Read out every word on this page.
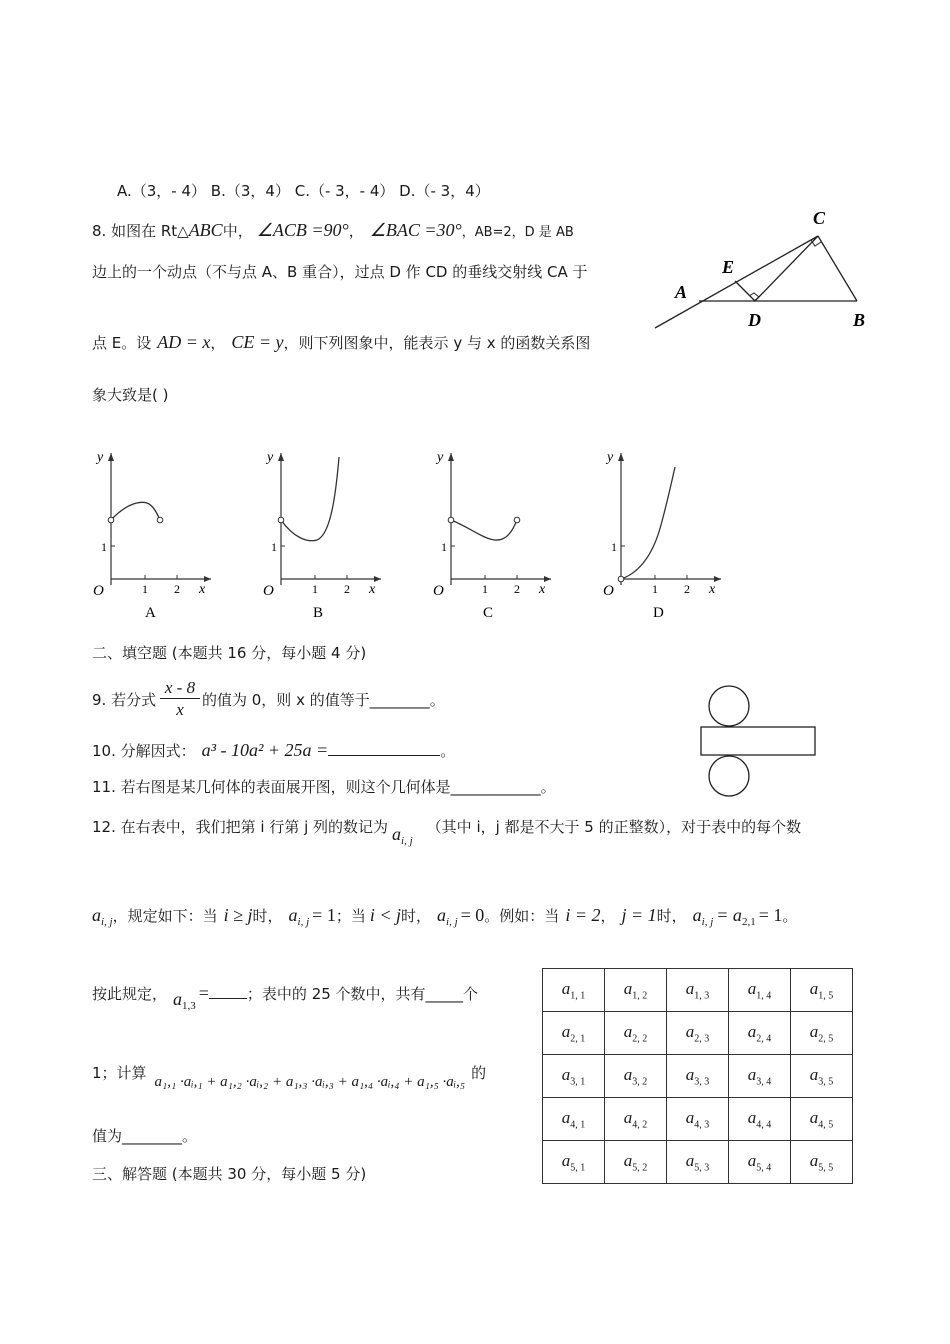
A.（3，- 4） B.（3，4） C.（- 3，- 4） D.（- 3，4）
8. 如图在 Rt△ABC中， ∠ACB =90°， ∠BAC =30°，AB=2，D 是 AB
边上的一个动点（不与点 A、B 重合），过点 D 作 CD 的垂线交射线 CA 于
点 E。设 AD = x， CE = y，则下列图象中，能表示 y 与 x 的函数关系图
象大致是( )
C
E
A
D	B
y
x
O
1
1 2
A
y
x
O
1
1 2
B
y
x
O
1
1 2
C
y
x
O
1
1 2
D
二、填空题 (本题共 16 分，每小题 4 分)
9. 若分式 $\frac{x - 8}{x}$ 的值为 0，则 x 的值等于________。
10. 分解因式： a³ - 10a² + 25a =	。
11. 若右图是某几何体的表面展开图，则这个几何体是____________。
12. 在右表中，我们把第 i 行第 j 列的数记为 $a_{i, j}$（其中 i，j 都是不大于 5 的正整数），对于表中的每个数
$a_{i, j}$，规定如下：当 i ≥ j时， $a_{i, j} = 1$；当 i < j时， $a_{i, j} = 0$。例如：当 i = 2， j = 1时， $a_{i, j} = a_{2,1} = 1$。
按此规定， $a_{1,3}=$	；表中的 25 个数中，共有_____个
1；计算 a₁,₁ ·aᵢ,₁ + a₁,₂ ·aᵢ,₂ + a₁,₃ ·aᵢ,₃ + a₁,₄ ·aᵢ,₄ + a₁,₅ ·aᵢ,₅ 的
值为________。
$a_{1, 1}$	$a_{1, 2}$	$a_{1, 3}$	$a_{1, 4}$	$a_{1, 5}$
$a_{2, 1}$	$a_{2, 2}$	$a_{2, 3}$	$a_{2, 4}$	$a_{2, 5}$
$a_{3, 1}$	$a_{3, 2}$	$a_{3, 3}$	$a_{3, 4}$	$a_{3, 5}$
$a_{4, 1}$	$a_{4, 2}$	$a_{4, 3}$	$a_{4, 4}$	$a_{4, 5}$
$a_{5, 1}$	$a_{5, 2}$	$a_{5, 3}$	$a_{5, 4}$	$a_{5, 5}$
三、解答题 (本题共 30 分，每小题 5 分)
